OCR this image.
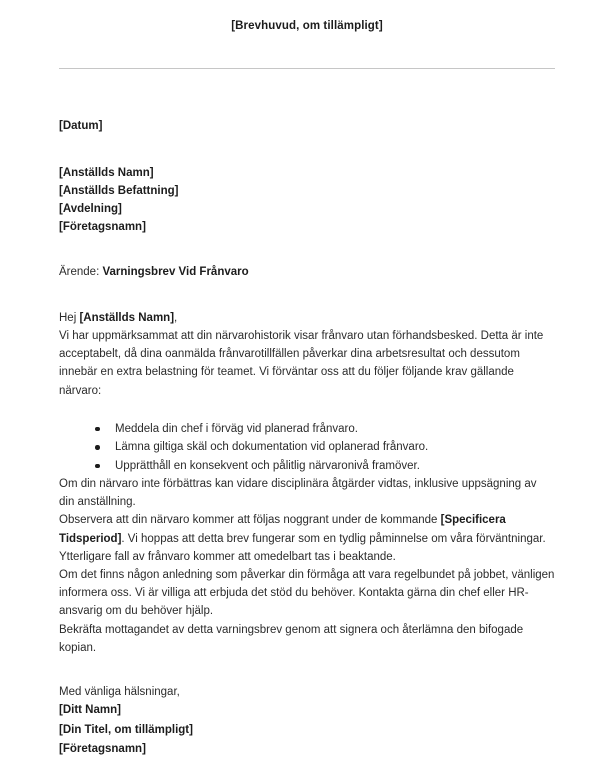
[Brevhuvud, om tillämpligt]
[Datum]
[Anställds Namn]
[Anställds Befattning]
[Avdelning]
[Företagsnamn]
Ärende: Varningsbrev Vid Frånvaro
Hej [Anställds Namn],

Vi har uppmärksammat att din närvarohistorik visar frånvaro utan förhandsbesked. Detta är inte acceptabelt, då dina oanmälda frånvarotillfällen påverkar dina arbetsresultat och dessutom innebär en extra belastning för teamet. Vi förväntar oss att du följer följande krav gällande närvaro:

Meddela din chef i förväg vid planerad frånvaro.
Lämna giltiga skäl och dokumentation vid oplanerad frånvaro.
Upprätthåll en konsekvent och pålitlig närvaronivå framöver.

Om din närvaro inte förbättras kan vidare disciplinära åtgärder vidtas, inklusive uppsägning av din anställning.

Observera att din närvaro kommer att följas noggrant under de kommande [Specificera Tidsperiod]. Vi hoppas att detta brev fungerar som en tydlig påminnelse om våra förväntningar. Ytterligare fall av frånvaro kommer att omedelbart tas i beaktande.

Om det finns någon anledning som påverkar din förmåga att vara regelbundet på jobbet, vänligen informera oss. Vi är villiga att erbjuda det stöd du behöver. Kontakta gärna din chef eller HR-ansvarig om du behöver hjälp.

Bekräfta mottagandet av detta varningsbrev genom att signera och återlämna den bifogade kopian.

Med vänliga hälsningar,
[Ditt Namn]
[Din Titel, om tillämpligt]
[Företagsnamn]
